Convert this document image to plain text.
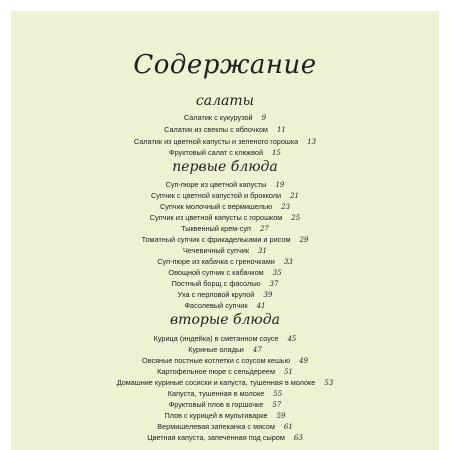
Содержание
салаты
Салатик с кукурузой 9
Салатик из свеклы с яблочком 11
Салатик из цветной капусты и зеленого горошка 13
Фруктовый салат с клюквой 15
первые блюда
Суп-пюре из цветной капусты 19
Супчик с цветной капустой и брокколи 21
Супчик молочный с вермишелью 23
Супчик из цветной капусты с горошком 25
Тыквенный крем-суп 27
Томатный супчик с фрикадельками и рисом 29
Чечевичный супчик 31
Суп-пюре из кабачка с греночками 33
Овощной супчик с кабачком 35
Постный борщ с фасолью 37
Уха с перловой крупой 39
Фасолевый супчик 41
вторые блюда
Курица (индейка) в сметанном соусе 45
Куриные оладьи 47
Овсяные постные котлетки с соусом кешью 49
Картофельное пюре с сельдереем 51
Домашние куриные сосиски и капуста, тушенная в молоке 53
Капуста, тушенная в молоке 55
Фруктовый плов в горшочке 57
Плов с курицей в мультиварке 59
Вермишелевая запеканка с мясом 61
Цветная капуста, запеченная под сыром 63
